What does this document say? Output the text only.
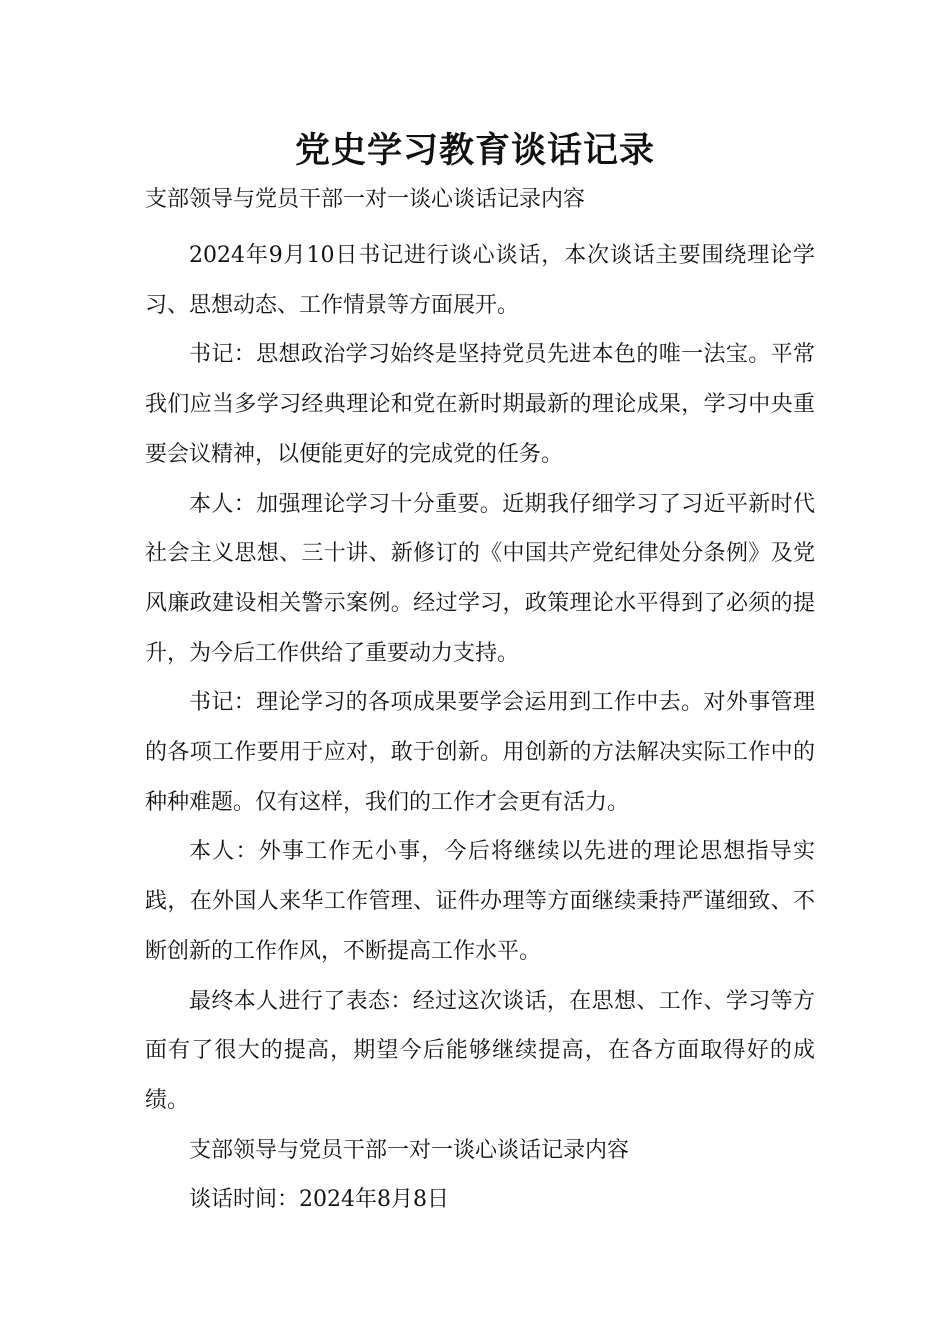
党史学习教育谈话记录

支部领导与党员干部一对一谈心谈话记录内容

2024年9月10日书记进行谈心谈话，本次谈话主要围绕理论学习、思想动态、工作情景等方面展开。

书记：思想政治学习始终是坚持党员先进本色的唯一法宝。平常我们应当多学习经典理论和党在新时期最新的理论成果，学习中央重要会议精神，以便能更好的完成党的任务。

本人：加强理论学习十分重要。近期我仔细学习了习近平新时代社会主义思想、三十讲、新修订的《中国共产党纪律处分条例》及党风廉政建设相关警示案例。经过学习，政策理论水平得到了必须的提升，为今后工作供给了重要动力支持。

书记：理论学习的各项成果要学会运用到工作中去。对外事管理的各项工作要用于应对，敢于创新。用创新的方法解决实际工作中的种种难题。仅有这样，我们的工作才会更有活力。

本人：外事工作无小事，今后将继续以先进的理论思想指导实践，在外国人来华工作管理、证件办理等方面继续秉持严谨细致、不断创新的工作作风，不断提高工作水平。

最终本人进行了表态：经过这次谈话，在思想、工作、学习等方面有了很大的提高，期望今后能够继续提高，在各方面取得好的成绩。

支部领导与党员干部一对一谈心谈话记录内容

谈话时间：2024年8月8日
